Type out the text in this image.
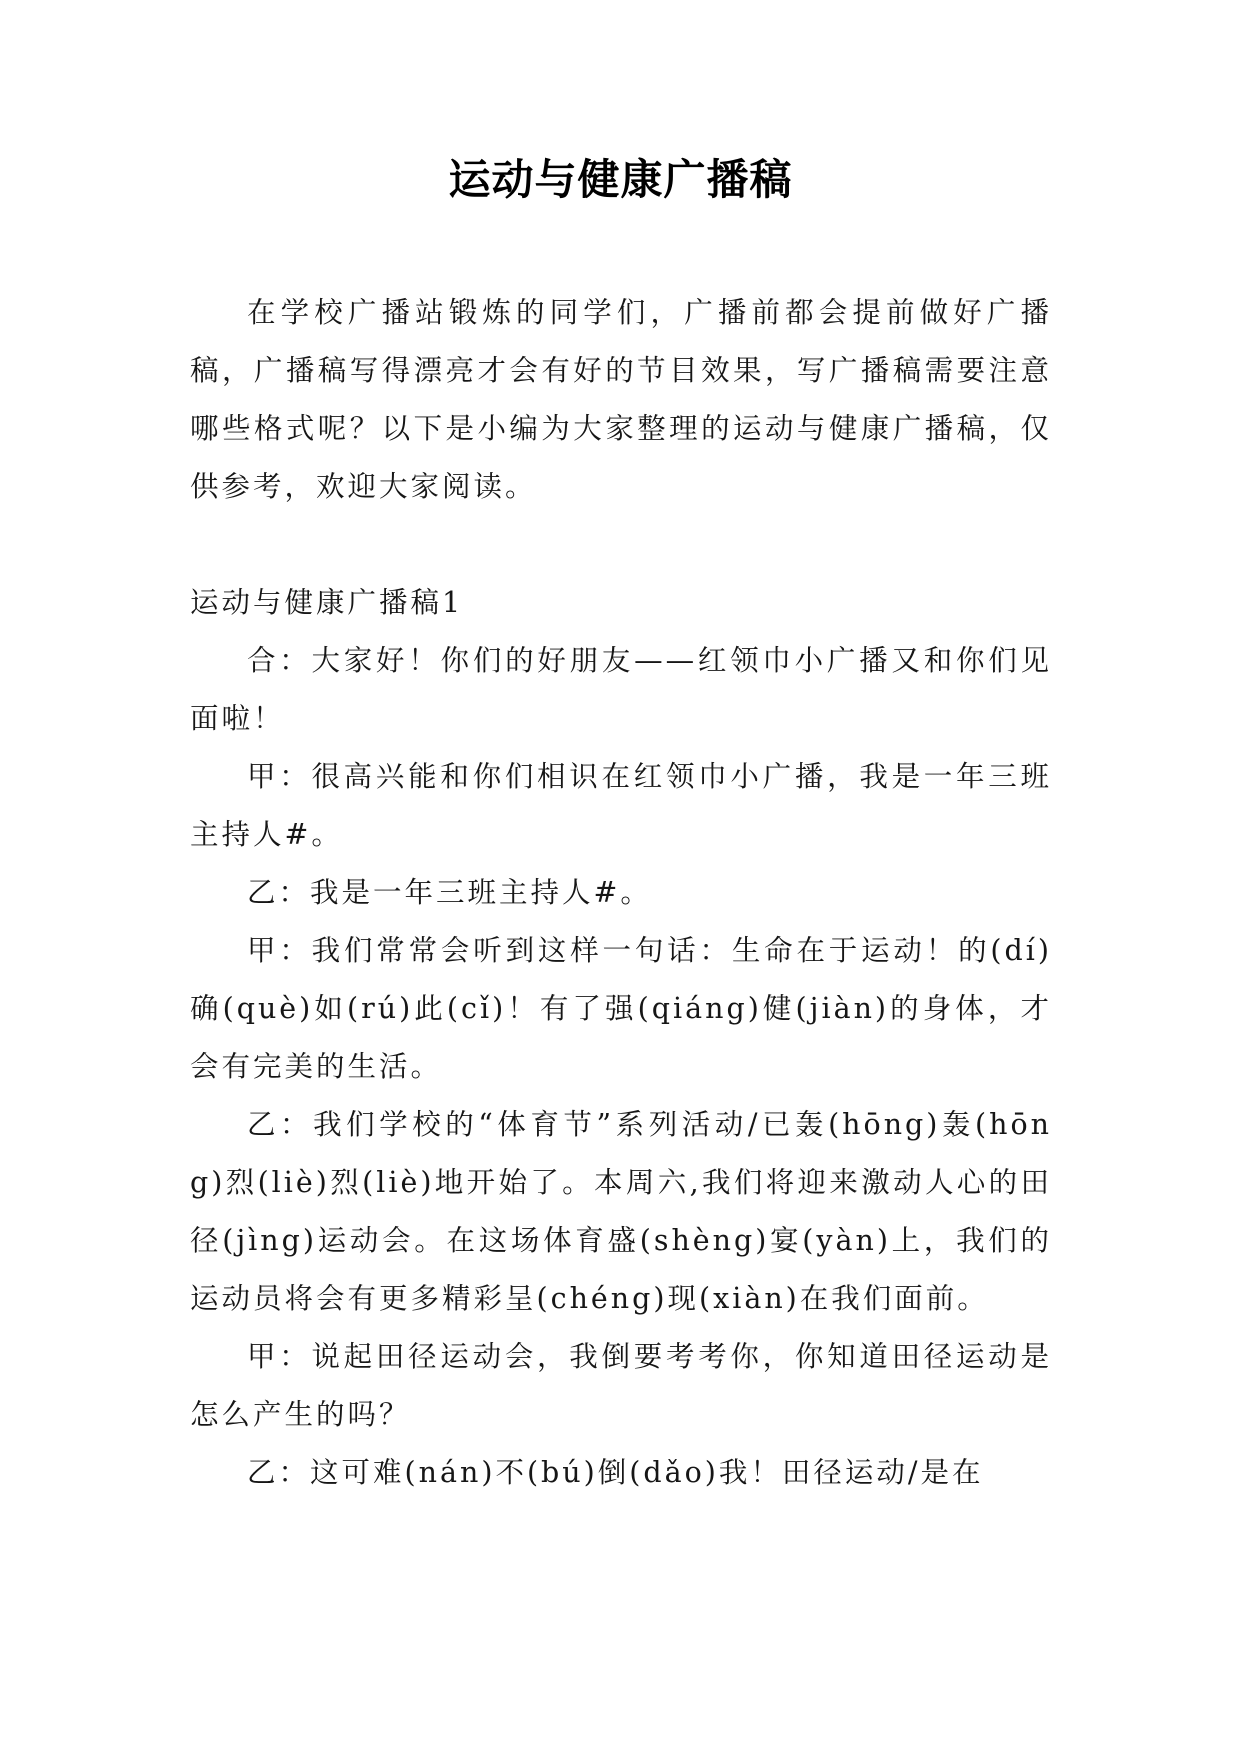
运动与健康广播稿

在学校广播站锻炼的同学们，广播前都会提前做好广播稿，广播稿写得漂亮才会有好的节目效果，写广播稿需要注意哪些格式呢？以下是小编为大家整理的运动与健康广播稿，仅供参考，欢迎大家阅读。

运动与健康广播稿1

合：大家好！你们的好朋友——红领巾小广播又和你们见面啦！

甲：很高兴能和你们相识在红领巾小广播，我是一年三班主持人#。

乙：我是一年三班主持人#。

甲：我们常常会听到这样一句话：生命在于运动！的(dí)确(què)如(rú)此(cǐ)！有了强(qiáng)健(jiàn)的身体，才会有完美的生活。

乙：我们学校的“体育节”系列活动/已轰(hōng)轰(hōng)烈(liè)烈(liè)地开始了。本周六,我们将迎来激动人心的田径(jìng)运动会。在这场体育盛(shèng)宴(yàn)上，我们的运动员将会有更多精彩呈(chéng)现(xiàn)在我们面前。

甲：说起田径运动会，我倒要考考你，你知道田径运动是怎么产生的吗？

乙：这可难(nán)不(bú)倒(dǎo)我！田径运动/是在
